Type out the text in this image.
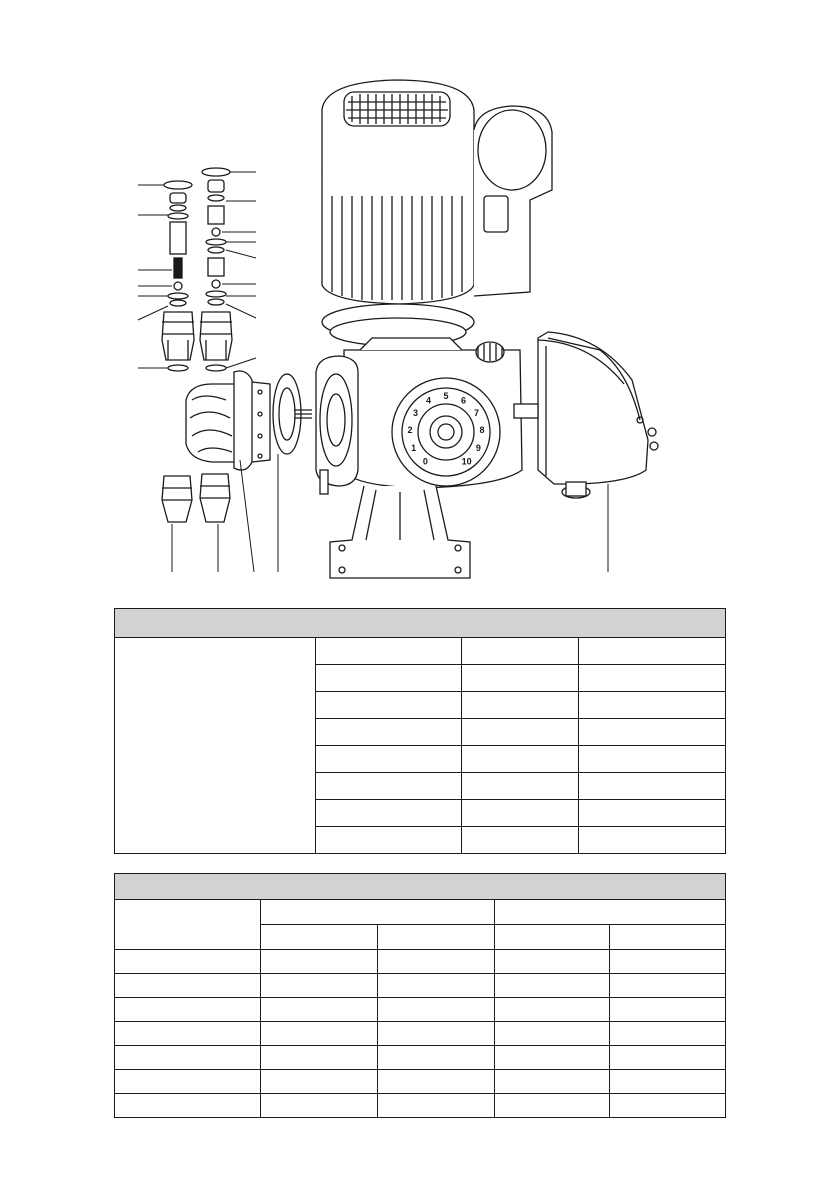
0
1
2
3
4 5 6
7
8
9
10
